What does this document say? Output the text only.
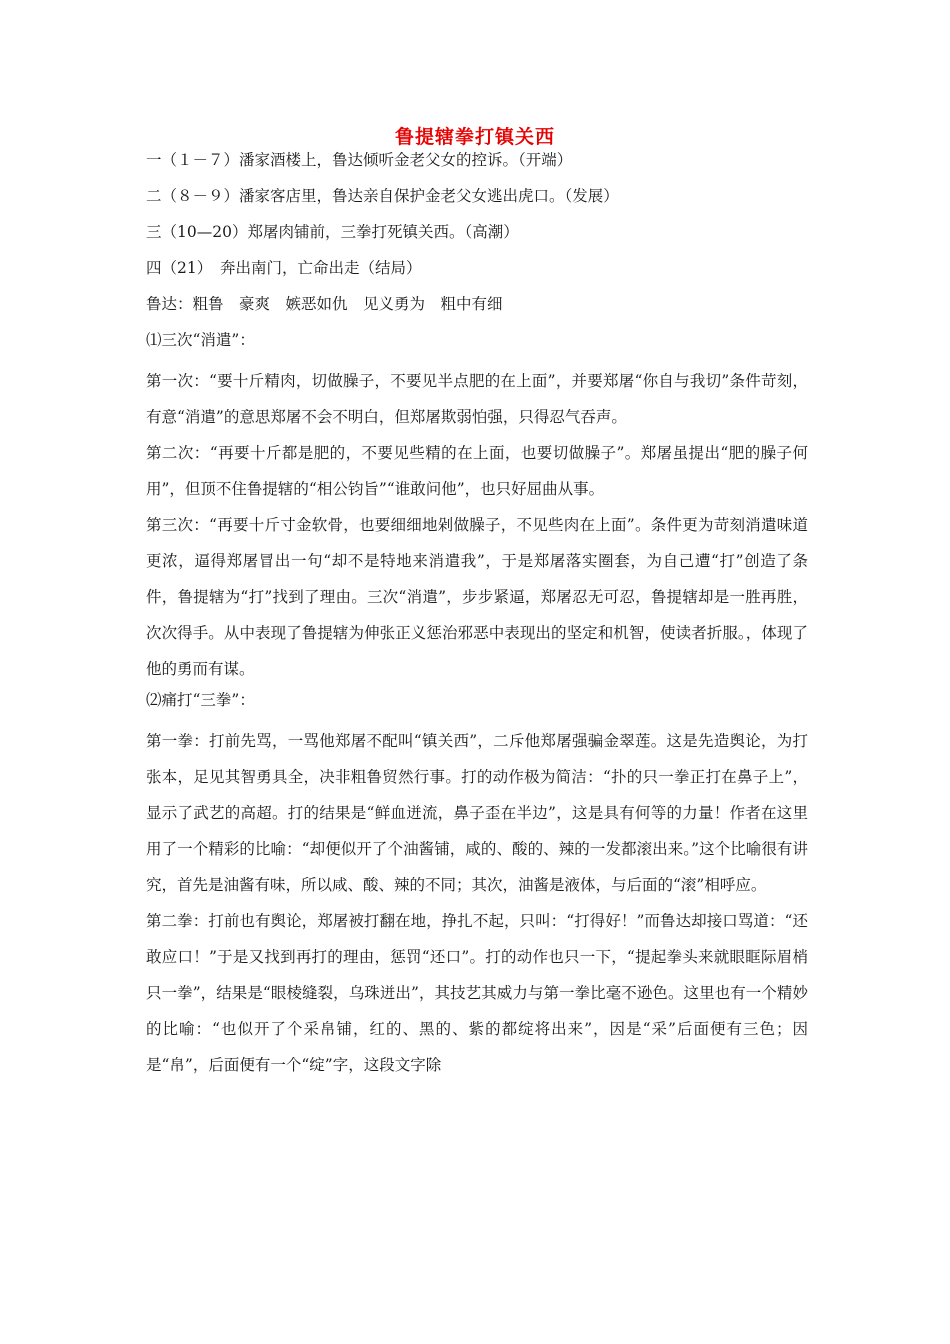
鲁提辖拳打镇关西

一（１－７）潘家酒楼上，鲁达倾听金老父女的控诉。（开端）

二（８－９）潘家客店里，鲁达亲自保护金老父女逃出虎口。（发展）

三（10—20）郑屠肉铺前，三拳打死镇关西。（高潮）

四（21）　奔出南门，亡命出走（结局）

鲁达：粗鲁　豪爽　嫉恶如仇　见义勇为　粗中有细

⑴三次“消遣”：

第一次：“要十斤精肉，切做臊子，不要见半点肥的在上面”，并要郑屠“你自与我切”条件苛刻，有意“消遣”的意思郑屠不会不明白，但郑屠欺弱怕强，只得忍气吞声。

第二次：“再要十斤都是肥的，不要见些精的在上面，也要切做臊子”。郑屠虽提出“肥的臊子何用”，但顶不住鲁提辖的“相公钧旨”“谁敢问他”，也只好屈曲从事。

第三次：“再要十斤寸金软骨，也要细细地剁做臊子，不见些肉在上面”。条件更为苛刻消遣味道更浓，逼得郑屠冒出一句“却不是特地来消遣我”，于是郑屠落实圈套，为自己遭“打”创造了条件，鲁提辖为“打”找到了理由。三次“消遣”，步步紧逼，郑屠忍无可忍，鲁提辖却是一胜再胜，次次得手。从中表现了鲁提辖为伸张正义惩治邪恶中表现出的坚定和机智，使读者折服。，体现了他的勇而有谋。

⑵痛打“三拳”：

第一拳：打前先骂，一骂他郑屠不配叫“镇关西”，二斥他郑屠强骗金翠莲。这是先造舆论，为打张本，足见其智勇具全，决非粗鲁贸然行事。打的动作极为简洁：“扑的只一拳正打在鼻子上”，显示了武艺的高超。打的结果是“鲜血迸流，鼻子歪在半边”，这是具有何等的力量！作者在这里用了一个精彩的比喻：“却便似开了个油酱铺，咸的、酸的、辣的一发都滚出来。”这个比喻很有讲究，首先是油酱有味，所以咸、酸、辣的不同；其次，油酱是液体，与后面的“滚”相呼应。

第二拳：打前也有舆论，郑屠被打翻在地，挣扎不起，只叫：“打得好！”而鲁达却接口骂道：“还敢应口！”于是又找到再打的理由，惩罚“还口”。打的动作也只一下，“提起拳头来就眼眶际眉梢只一拳”，结果是“眼棱缝裂，乌珠迸出”，其技艺其威力与第一拳比毫不逊色。这里也有一个精妙的比喻：“也似开了个采帛铺，红的、黑的、紫的都绽将出来”，因是“采”后面便有三色；因是“帛”，后面便有一个“绽”字，这段文字除
